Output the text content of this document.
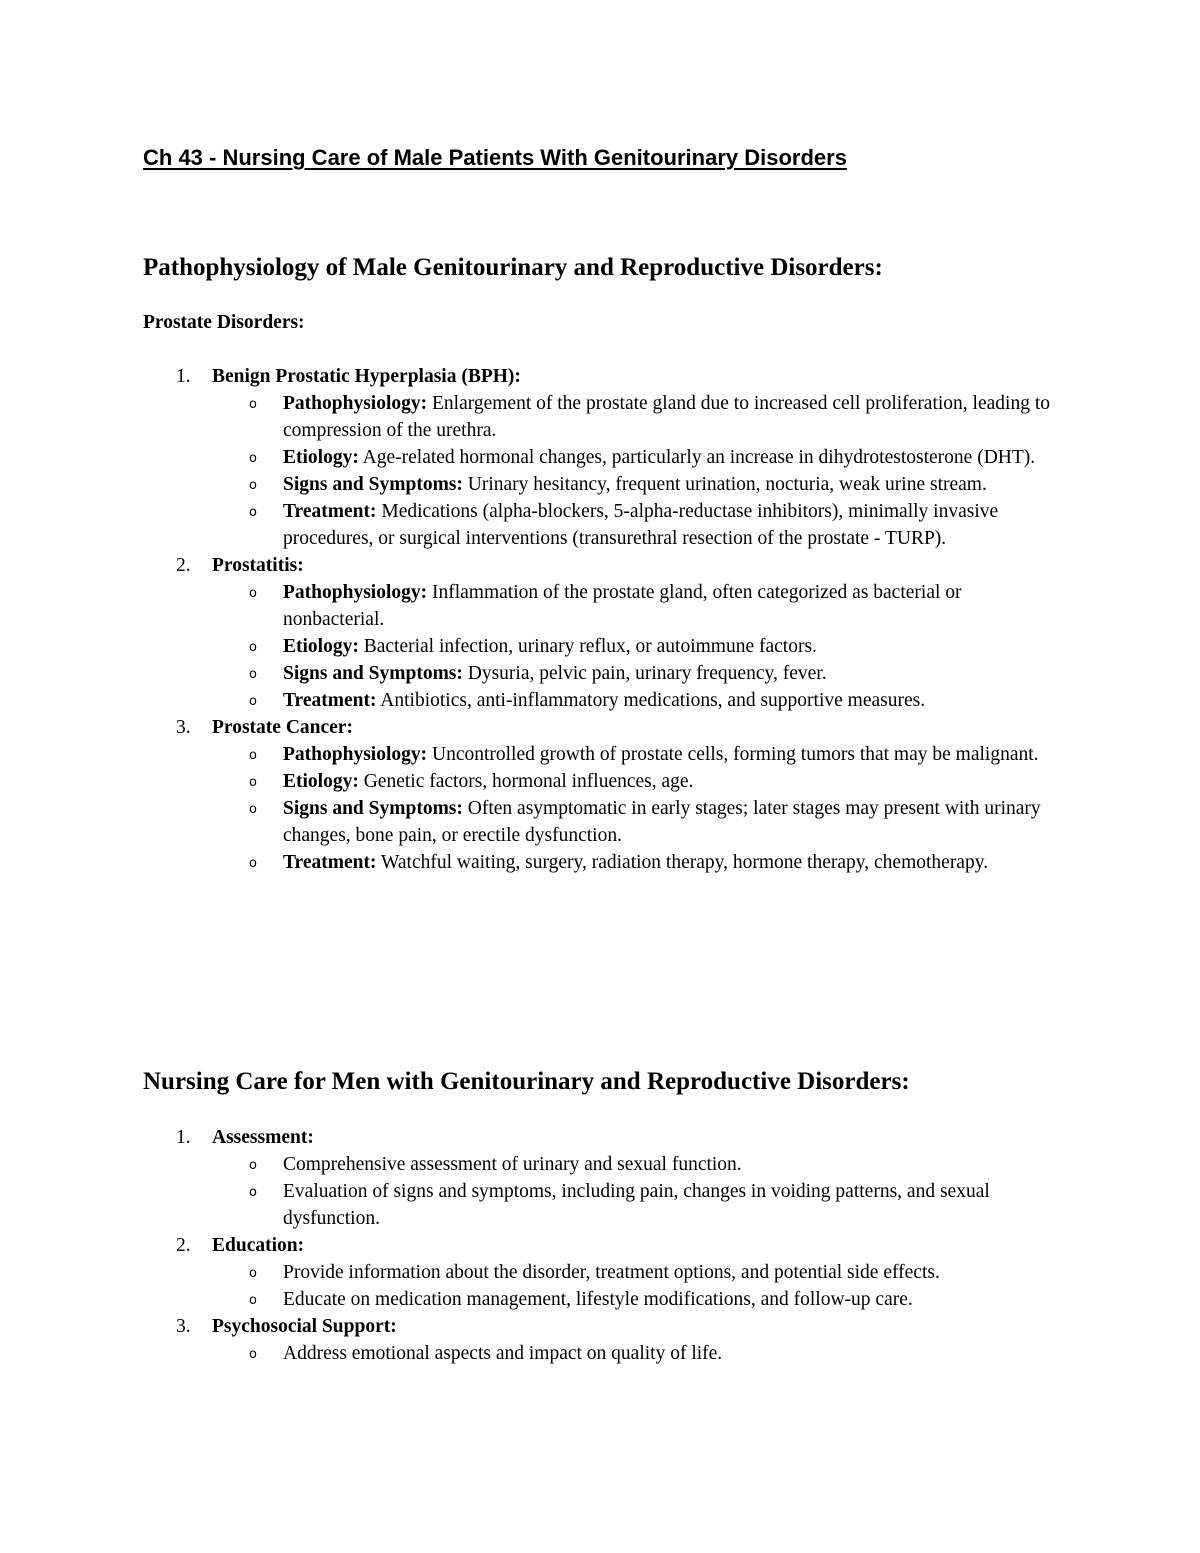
Ch 43 - Nursing Care of Male Patients With Genitourinary Disorders
Pathophysiology of Male Genitourinary and Reproductive Disorders:
Prostate Disorders:
1.	Benign Prostatic Hyperplasia (BPH):
o Pathophysiology: Enlargement of the prostate gland due to increased cell proliferation, leading to compression of the urethra.
o Etiology: Age-related hormonal changes, particularly an increase in dihydrotestosterone (DHT).
o Signs and Symptoms: Urinary hesitancy, frequent urination, nocturia, weak urine stream.
o Treatment: Medications (alpha-blockers, 5-alpha-reductase inhibitors), minimally invasive procedures, or surgical interventions (transurethral resection of the prostate - TURP).
2.	Prostatitis:
o Pathophysiology: Inflammation of the prostate gland, often categorized as bacterial or nonbacterial.
o Etiology: Bacterial infection, urinary reflux, or autoimmune factors.
o Signs and Symptoms: Dysuria, pelvic pain, urinary frequency, fever.
o Treatment: Antibiotics, anti-inflammatory medications, and supportive measures.
3.	Prostate Cancer:
o Pathophysiology: Uncontrolled growth of prostate cells, forming tumors that may be malignant.
o Etiology: Genetic factors, hormonal influences, age.
o Signs and Symptoms: Often asymptomatic in early stages; later stages may present with urinary changes, bone pain, or erectile dysfunction.
o Treatment: Watchful waiting, surgery, radiation therapy, hormone therapy, chemotherapy.
Nursing Care for Men with Genitourinary and Reproductive Disorders:
1.	Assessment:
o Comprehensive assessment of urinary and sexual function.
o Evaluation of signs and symptoms, including pain, changes in voiding patterns, and sexual dysfunction.
2.	Education:
o Provide information about the disorder, treatment options, and potential side effects.
o Educate on medication management, lifestyle modifications, and follow-up care.
3.	Psychosocial Support:
o Address emotional aspects and impact on quality of life.
